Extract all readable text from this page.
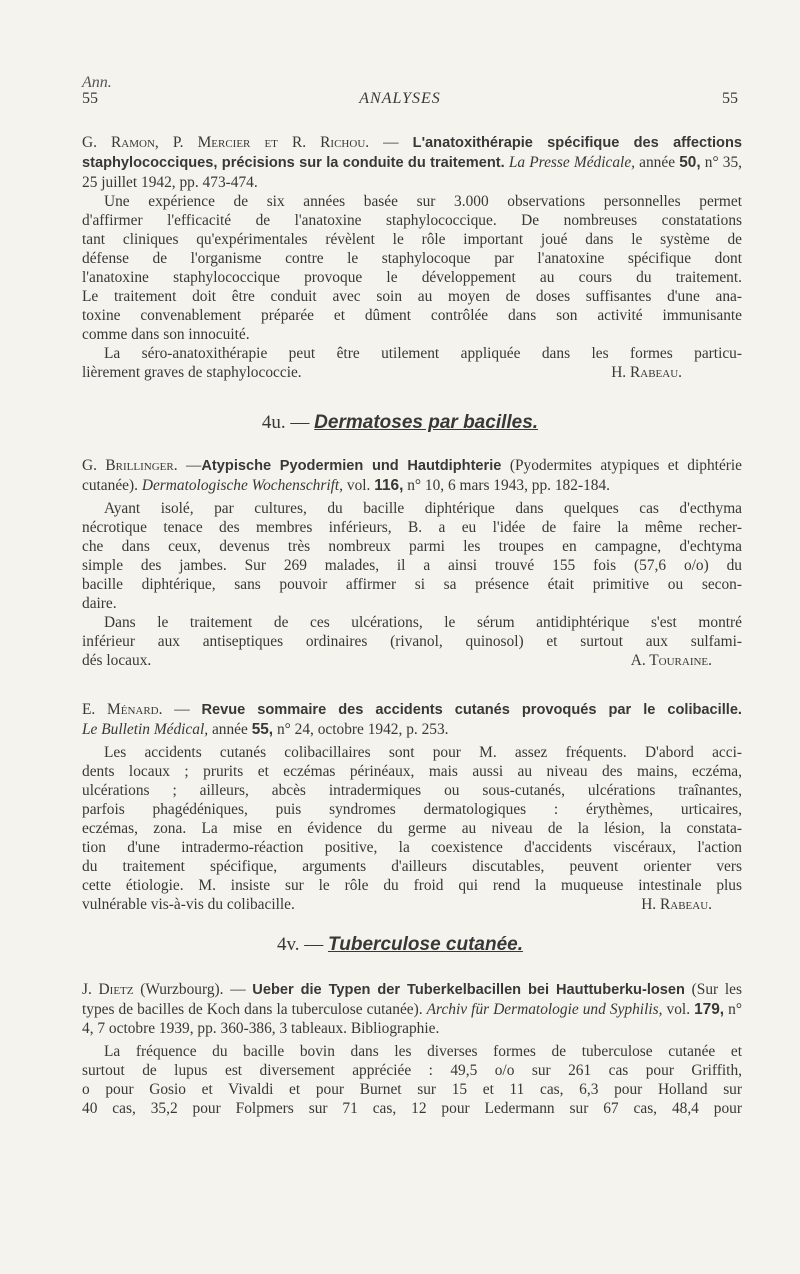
Ann.
55	ANALYSES	55
G. Ramon, P. Mercier et R. Richou. — L'anatoxithérapie spécifique des affections staphylococciques, précisions sur la conduite du traitement. La Presse Médicale, année 50, n° 35, 25 juillet 1942, pp. 473-474.
Une expérience de six années basée sur 3.000 observations personnelles permet
d'affirmer l'efficacité de l'anatoxine staphylococcique. De nombreuses constatations
tant cliniques qu'expérimentales révèlent le rôle important joué dans le système de
défense de l'organisme contre le staphylocoque par l'anatoxine spécifique dont
l'anatoxine staphylococcique provoque le développement au cours du traitement.
Le traitement doit être conduit avec soin au moyen de doses suffisantes d'une ana-
toxine convenablement préparée et dûment contrôlée dans son activité immunisante
comme dans son innocuité.
La séro-anatoxithérapie peut être utilement appliquée dans les formes particu-
lièrement graves de staphylococcie.	H. Rabeau.
4u. — Dermatoses par bacilles.
G. Brillinger. —Atypische Pyodermien und Hautdiphterie (Pyodermites atypiques et diphtérie cutanée). Dermatologische Wochenschrift, vol. 116, n° 10, 6 mars 1943, pp. 182-184.
Ayant isolé, par cultures, du bacille diphtérique dans quelques cas d'ecthyma
nécrotique tenace des membres inférieurs, B. a eu l'idée de faire la même recher-
che dans ceux, devenus très nombreux parmi les troupes en campagne, d'echtyma
simple des jambes. Sur 269 malades, il a ainsi trouvé 155 fois (57,6 o/o) du
bacille diphtérique, sans pouvoir affirmer si sa présence était primitive ou secon-
daire.
Dans le traitement de ces ulcérations, le sérum antidiphtérique s'est montré
inférieur aux antiseptiques ordinaires (rivanol, quinosol) et surtout aux sulfami-
dés locaux.	A. Touraine.
E. Ménard. — Revue sommaire des accidents cutanés provoqués par le colibacille.
Le Bulletin Médical, année 55, n° 24, octobre 1942, p. 253.
Les accidents cutanés colibacillaires sont pour M. assez fréquents. D'abord acci-
dents locaux ; prurits et eczémas périnéaux, mais aussi au niveau des mains, eczéma,
ulcérations ; ailleurs, abcès intradermiques ou sous-cutanés, ulcérations traînantes,
parfois phagédéniques, puis syndromes dermatologiques : érythèmes, urticaires,
eczémas, zona. La mise en évidence du germe au niveau de la lésion, la constata-
tion d'une intradermo-réaction positive, la coexistence d'accidents viscéraux, l'action
du traitement spécifique, arguments d'ailleurs discutables, peuvent orienter vers
cette étiologie. M. insiste sur le rôle du froid qui rend la muqueuse intestinale plus
vulnérable vis-à-vis du colibacille.	H. Rabeau.
4v. — Tuberculose cutanée.
J. Dietz (Wurzbourg). — Ueber die Typen der Tuberkelbacillen bei Hauttuberku-losen (Sur les types de bacilles de Koch dans la tuberculose cutanée). Archiv für Dermatologie und Syphilis, vol. 179, n° 4, 7 octobre 1939, pp. 360-386, 3 tableaux. Bibliographie.
La fréquence du bacille bovin dans les diverses formes de tuberculose cutanée et
surtout de lupus est diversement appréciée : 49,5 o/o sur 261 cas pour Griffith,
o pour Gosio et Vivaldi et pour Burnet sur 15 et 11 cas, 6,3 pour Holland sur
40 cas, 35,2 pour Folpmers sur 71 cas, 12 pour Ledermann sur 67 cas, 48,4 pour
